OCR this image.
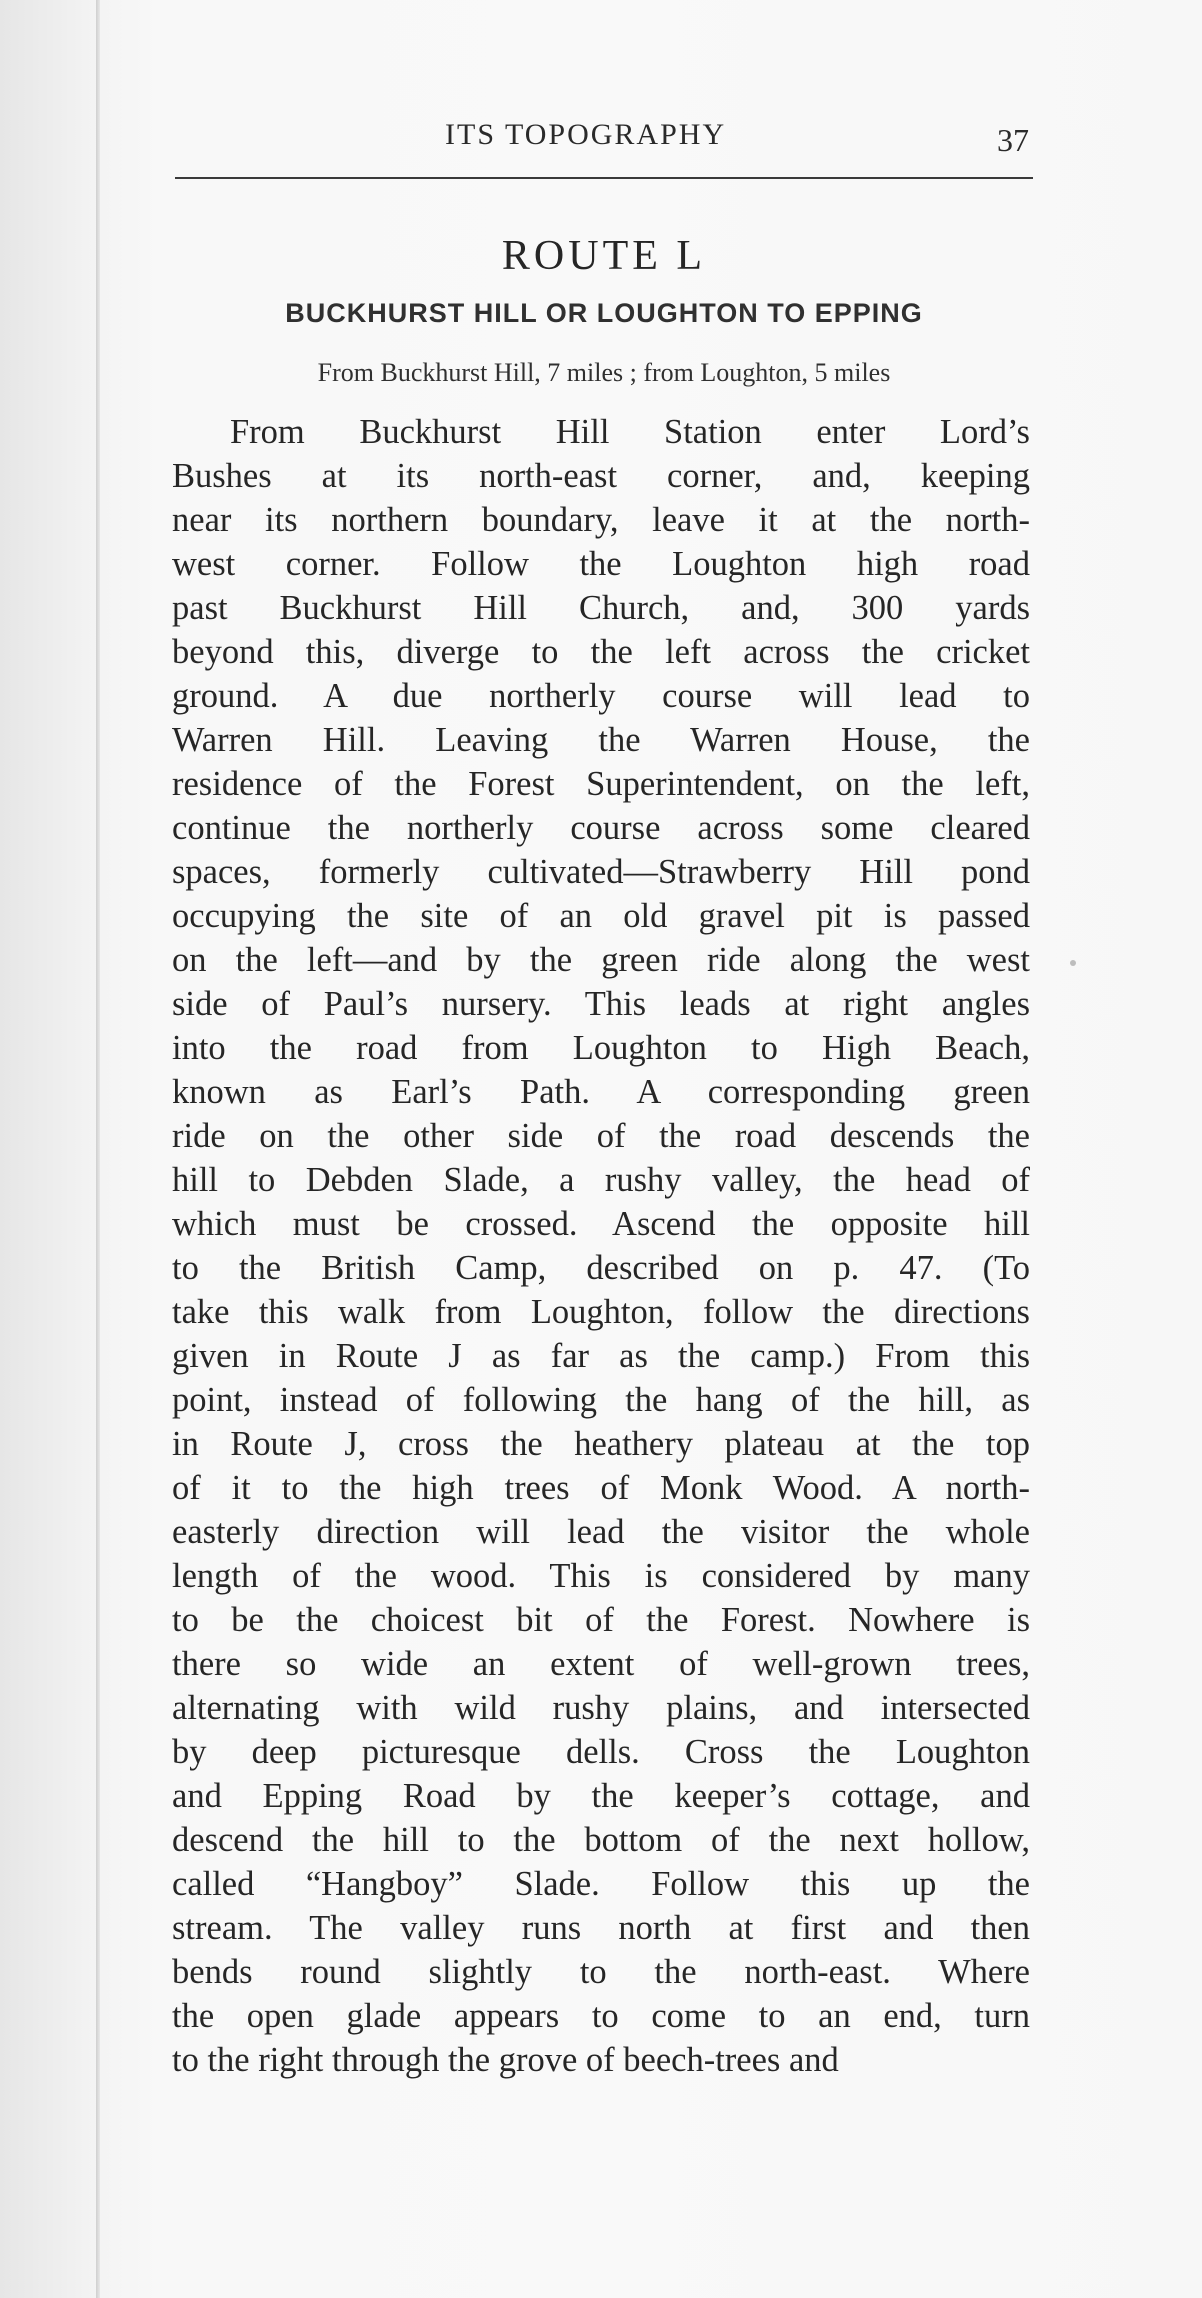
ITS TOPOGRAPHY	37
ROUTE L
BUCKHURST HILL OR LOUGHTON TO EPPING
From Buckhurst Hill, 7 miles ; from Loughton, 5 miles
From Buckhurst Hill Station enter Lord’s
Bushes at its north-east corner, and, keeping
near its northern boundary, leave it at the north-
west corner. Follow the Loughton high road
past Buckhurst Hill Church, and, 300 yards
beyond this, diverge to the left across the cricket
ground. A due northerly course will lead to
Warren Hill. Leaving the Warren House, the
residence of the Forest Superintendent, on the left,
continue the northerly course across some cleared
spaces, formerly cultivated—Strawberry Hill pond
occupying the site of an old gravel pit is passed
on the left—and by the green ride along the west
side of Paul’s nursery. This leads at right angles
into the road from Loughton to High Beach,
known as Earl’s Path. A corresponding green
ride on the other side of the road descends the
hill to Debden Slade, a rushy valley, the head of
which must be crossed. Ascend the opposite hill
to the British Camp, described on p. 47. (To
take this walk from Loughton, follow the directions
given in Route J as far as the camp.) From this
point, instead of following the hang of the hill, as
in Route J, cross the heathery plateau at the top
of it to the high trees of Monk Wood. A north-
easterly direction will lead the visitor the whole
length of the wood. This is considered by many
to be the choicest bit of the Forest. Nowhere is
there so wide an extent of well-grown trees,
alternating with wild rushy plains, and intersected
by deep picturesque dells. Cross the Loughton
and Epping Road by the keeper’s cottage, and
descend the hill to the bottom of the next hollow,
called “Hangboy” Slade. Follow this up the
stream. The valley runs north at first and then
bends round slightly to the north-east. Where
the open glade appears to come to an end, turn
to the right through the grove of beech-trees and
